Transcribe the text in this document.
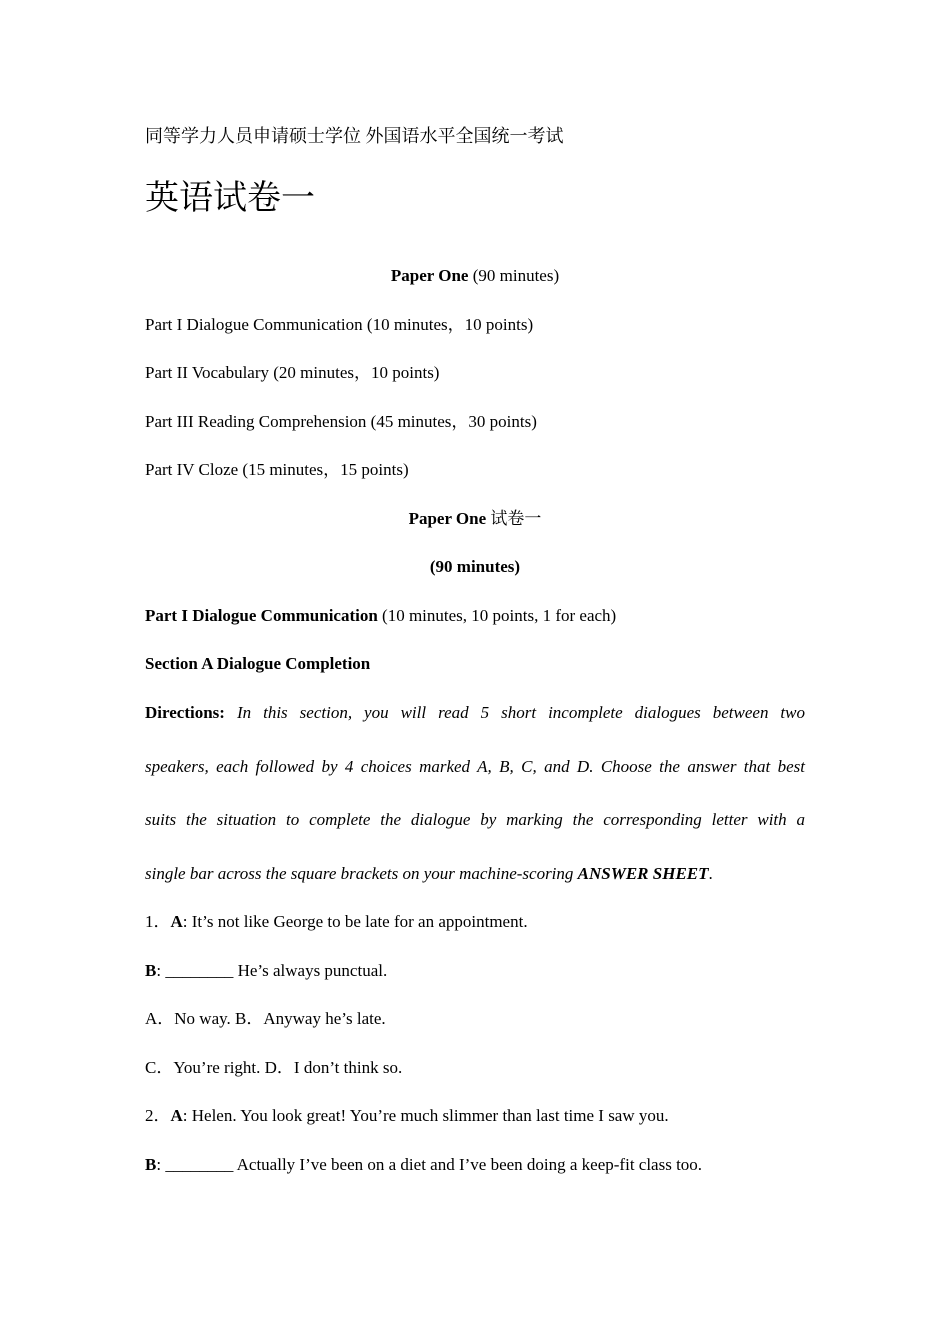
同等学力人员申请硕士学位 外国语水平全国统一考试
英语试卷一
Paper One (90 minutes)
Part I Dialogue Communication (10 minutes，10 points)
Part II Vocabulary (20 minutes，10 points)
Part III Reading Comprehension (45 minutes，30 points)
Part IV Cloze (15 minutes，15 points)
Paper One 试卷一
(90 minutes)
Part I Dialogue Communication (10 minutes, 10 points, 1 for each)
Section A Dialogue Completion
Directions: In this section, you will read 5 short incomplete dialogues between two
speakers, each followed by 4 choices marked A, B, C, and D. Choose the answer that best
suits the situation to complete the dialogue by marking the corresponding letter with a
single bar across the square brackets on your machine-scoring ANSWER SHEET.
1．A: It’s not like George to be late for an appointment.
B: ________ He’s always punctual.
A．No way. B．Anyway he’s late.
C．You’re right. D．I don’t think so.
2．A: Helen. You look great! You’re much slimmer than last time I saw you.
B: ________ Actually I’ve been on a diet and I’ve been doing a keep-fit class too.
